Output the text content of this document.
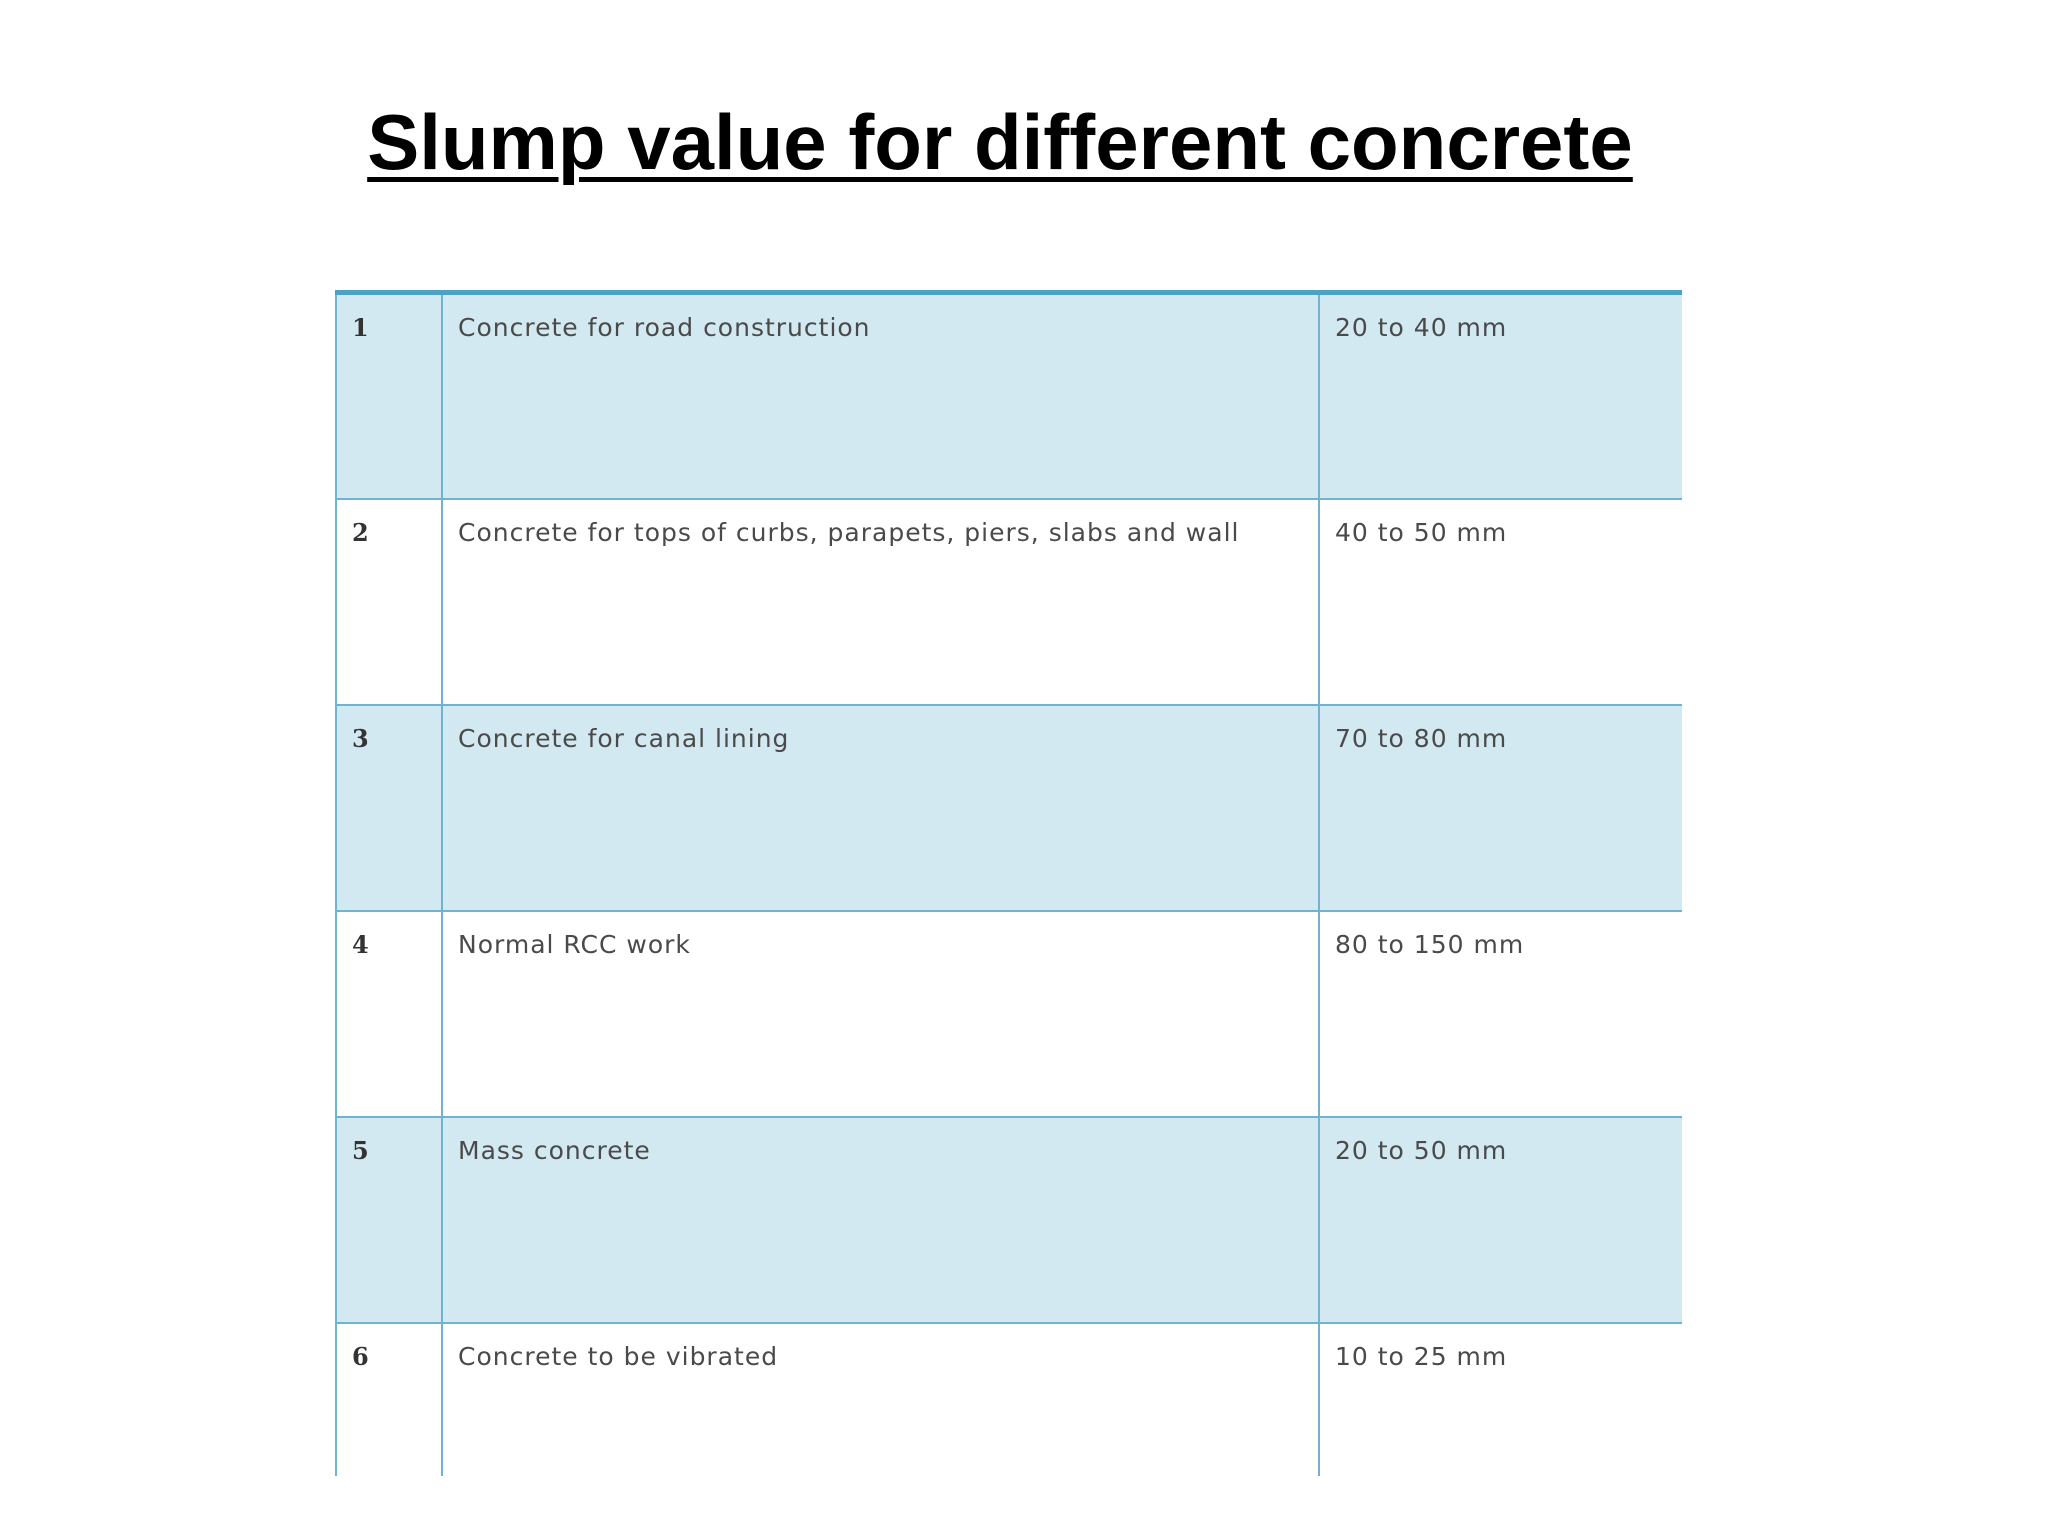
Slump value for different concrete
1	Concrete for road construction	20 to 40 mm
2	Concrete for tops of curbs, parapets, piers, slabs and wall	40 to 50 mm
3	Concrete for canal lining	70 to 80 mm
4	Normal RCC work	80 to 150 mm
5	Mass concrete	20 to 50 mm
6	Concrete to be vibrated	10 to 25 mm
